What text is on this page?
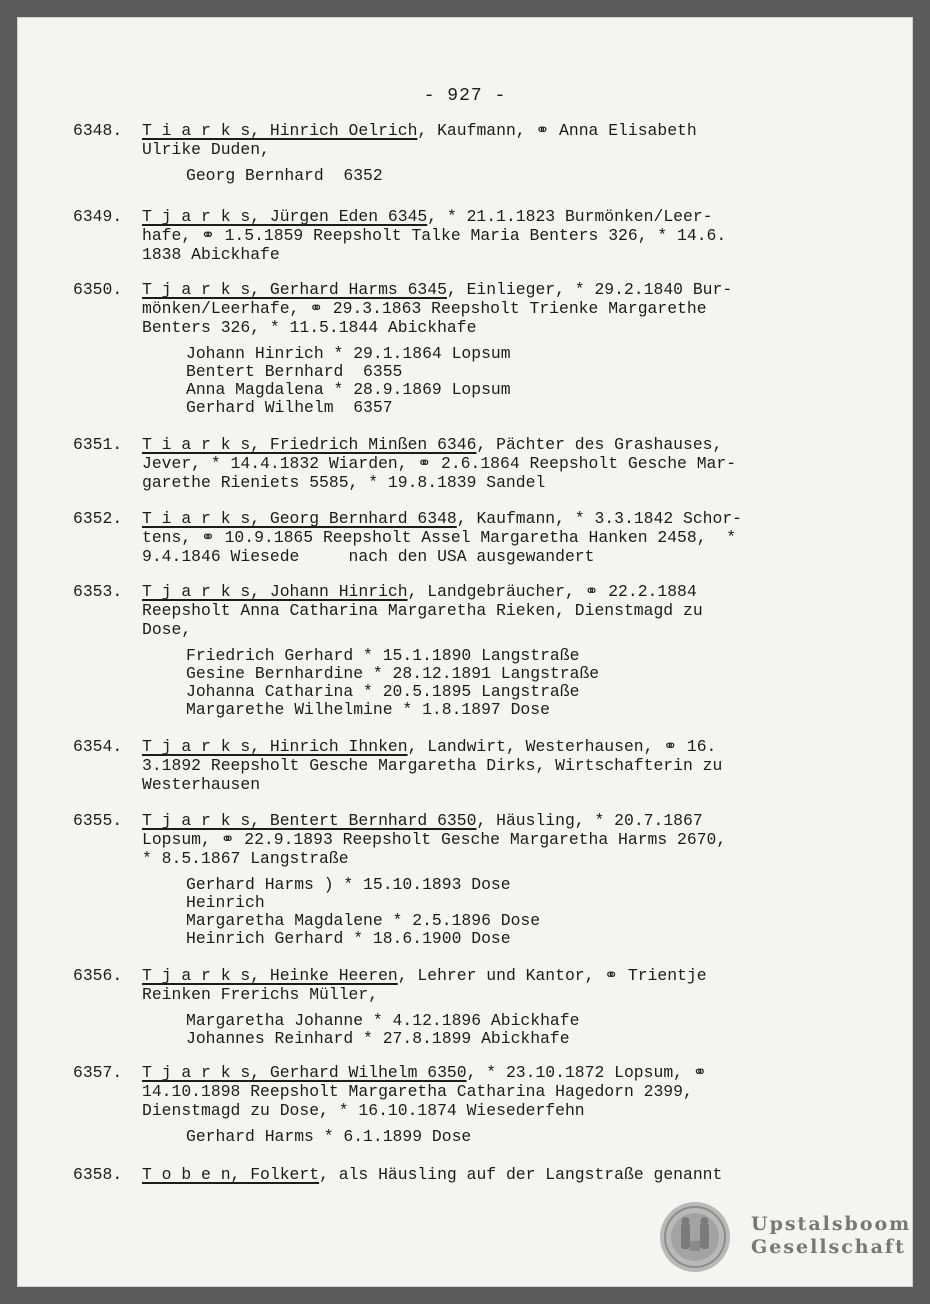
- 927 -
6348.	T i a r k s, Hinrich Oelrich, Kaufmann, ⚭ Anna Elisabeth
Ulrike Duden,
Georg Bernhard  6352
6349.	T j a r k s, Jürgen Eden 6345, * 21.1.1823 Burmönken/Leer-
hafe, ⚭ 1.5.1859 Reepsholt Talke Maria Benters 326, * 14.6.
1838 Abickhafe
6350.	T j a r k s, Gerhard Harms 6345, Einlieger, * 29.2.1840 Bur-
mönken/Leerhafe, ⚭ 29.3.1863 Reepsholt Trienke Margarethe
Benters 326, * 11.5.1844 Abickhafe
Johann Hinrich * 29.1.1864 Lopsum
Bentert Bernhard  6355
Anna Magdalena * 28.9.1869 Lopsum
Gerhard Wilhelm  6357
6351.	T i a r k s, Friedrich Minßen 6346, Pächter des Grashauses,
Jever, * 14.4.1832 Wiarden, ⚭ 2.6.1864 Reepsholt Gesche Mar-
garethe Rieniets 5585, * 19.8.1839 Sandel
6352.	T i a r k s, Georg Bernhard 6348, Kaufmann, * 3.3.1842 Schor-
tens, ⚭ 10.9.1865 Reepsholt Assel Margaretha Hanken 2458,  *
9.4.1846 Wiesede     nach den USA ausgewandert
6353.	T j a r k s, Johann Hinrich, Landgebräucher, ⚭ 22.2.1884
Reepsholt Anna Catharina Margaretha Rieken, Dienstmagd zu
Dose,
Friedrich Gerhard * 15.1.1890 Langstraße
Gesine Bernhardine * 28.12.1891 Langstraße
Johanna Catharina * 20.5.1895 Langstraße
Margarethe Wilhelmine * 1.8.1897 Dose
6354.	T j a r k s, Hinrich Ihnken, Landwirt, Westerhausen, ⚭ 16.
3.1892 Reepsholt Gesche Margaretha Dirks, Wirtschafterin zu
Westerhausen
6355.	T j a r k s, Bentert Bernhard 6350, Häusling, * 20.7.1867
Lopsum, ⚭ 22.9.1893 Reepsholt Gesche Margaretha Harms 2670,
* 8.5.1867 Langstraße
Gerhard Harms ) * 15.10.1893 Dose
Heinrich
Margaretha Magdalene * 2.5.1896 Dose
Heinrich Gerhard * 18.6.1900 Dose
6356.	T j a r k s, Heinke Heeren, Lehrer und Kantor, ⚭ Trientje
Reinken Frerichs Müller,
Margaretha Johanne * 4.12.1896 Abickhafe
Johannes Reinhard * 27.8.1899 Abickhafe
6357.	T j a r k s, Gerhard Wilhelm 6350, * 23.10.1872 Lopsum, ⚭
14.10.1898 Reepsholt Margaretha Catharina Hagedorn 2399,
Dienstmagd zu Dose, * 16.10.1874 Wiesederfehn
Gerhard Harms * 6.1.1899 Dose
6358.	T o b e n, Folkert, als Häusling auf der Langstraße genannt
Upstalsboom
Gesellschaft
